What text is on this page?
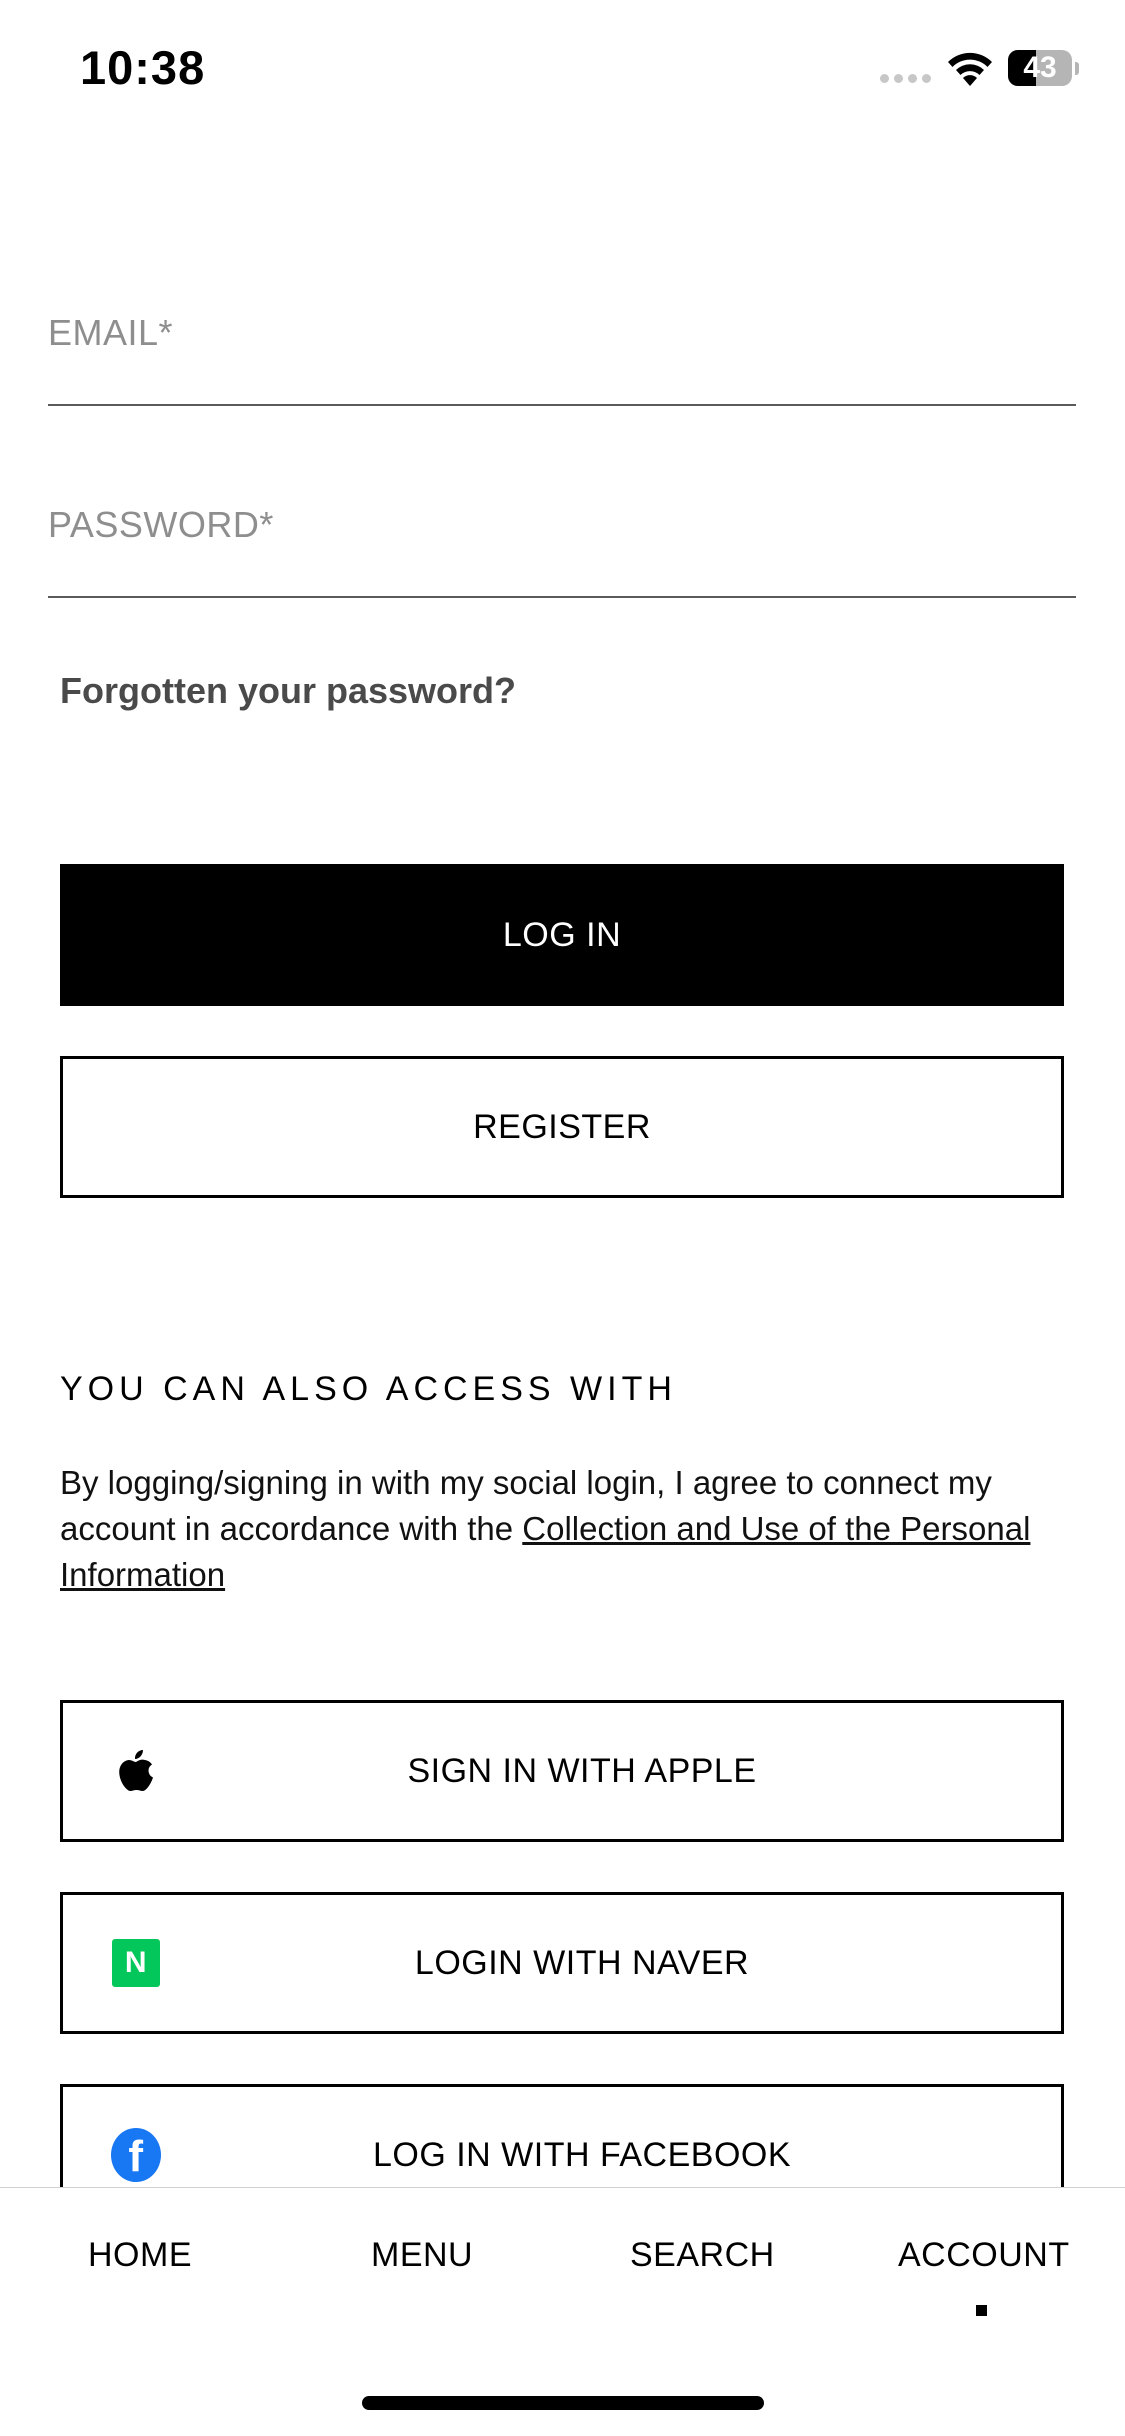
10:38	43
EMAIL*
PASSWORD*
Forgotten your password?
LOG IN
REGISTER
YOU CAN ALSO ACCESS WITH
By logging/signing in with my social login, I agree to connect my account in accordance with the Collection and Use of the Personal Information
SIGN IN WITH APPLE
N	LOGIN WITH NAVER
f	LOG IN WITH FACEBOOK
HOME	MENU	SEARCH	ACCOUNT
